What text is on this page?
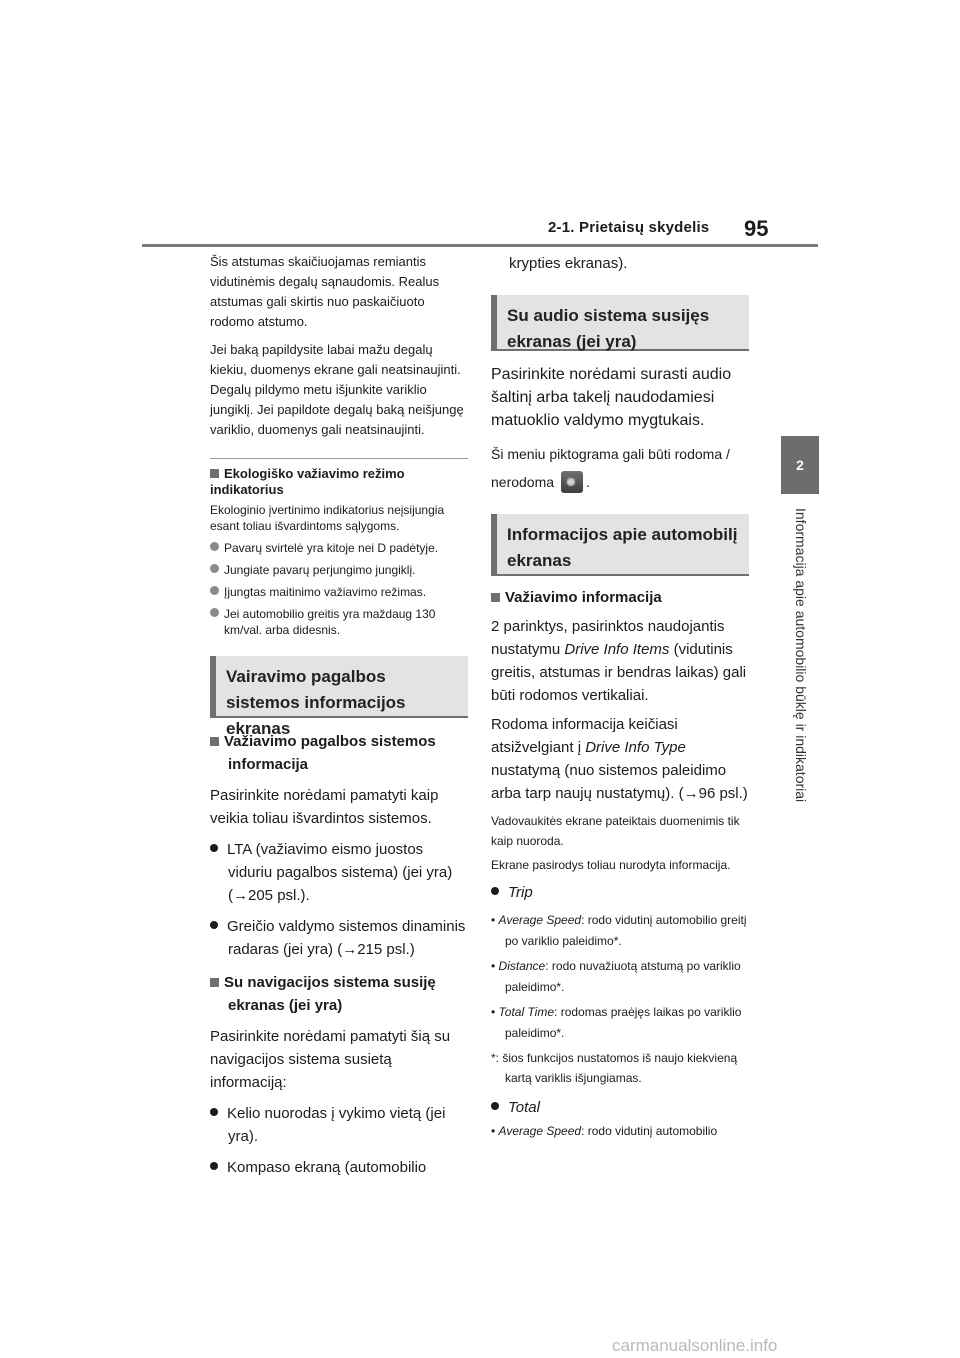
2-1. Prietaisų skydelis 95
2
Informacija apie automobilio būklę ir indikatoriai

Šis atstumas skaičiuojamas remiantis vidutinėmis degalų sąnaudomis. Realus atstumas gali skirtis nuo paskaičiuoto rodomo atstumo.

Jei baką papildysite labai mažu degalų kiekiu, duomenys ekrane gali neatsinaujinti. Degalų pildymo metu išjunkite variklio jungiklį. Jei papildote degalų baką neišjungę variklio, duomenys gali neatsinaujinti.

Ekologiško važiavimo režimo indikatorius

Ekologinio įvertinimo indikatorius neįsijungia esant toliau išvardintoms sąlygoms.

Pavarų svirtelė yra kitoje nei D padėtyje.

Jungiate pavarų perjungimo jungiklį.

Įjungtas maitinimo važiavimo režimas.

Jei automobilio greitis yra maždaug 130 km/val. arba didesnis.

Vairavimo pagalbos sistemos informacijos ekranas

Važiavimo pagalbos sistemos informacija

Pasirinkite norėdami pamatyti kaip veikia toliau išvardintos sistemos.

LTA (važiavimo eismo juostos viduriu pagalbos sistema) (jei yra) (→205 psl.).

Greičio valdymo sistemos dinaminis radaras (jei yra) (→215 psl.)

Su navigacijos sistema susiję ekranas (jei yra)

Pasirinkite norėdami pamatyti šią su navigacijos sistema susietą informaciją:

Kelio nuorodas į vykimo vietą (jei yra).

Kompaso ekraną (automobilio

krypties ekranas).

Su audio sistema susijęs ekranas (jei yra)

Pasirinkite norėdami surasti audio šaltinį arba takelį naudodamiesi matuoklio valdymo mygtukais.

Ši meniu piktograma gali būti rodoma /
nerodoma ✹ .

Informacijos apie automobilį ekranas

Važiavimo informacija

2 parinktys, pasirinktos naudojantis nustatymu Drive Info Items (vidutinis greitis, atstumas ir bendras laikas) gali būti rodomos vertikaliai.

Rodoma informacija keičiasi atsižvelgiant į Drive Info Type nustatymą (nuo sistemos paleidimo arba tarp naujų nustatymų). (→96 psl.)

Vadovaukitės ekrane pateiktais duomenimis tik kaip nuoroda.

Ekrane pasirodys toliau nurodyta informacija.

Trip

• Average Speed: rodo vidutinį automobilio greitį po variklio paleidimo*.

• Distance: rodo nuvažiuotą atstumą po variklio paleidimo*.

• Total Time: rodomas praėjęs laikas po variklio paleidimo*.

*: šios funkcijos nustatomos iš naujo kiekvieną kartą variklis išjungiamas.

Total

• Average Speed: rodo vidutinį automobilio

carmanualsonline.info
